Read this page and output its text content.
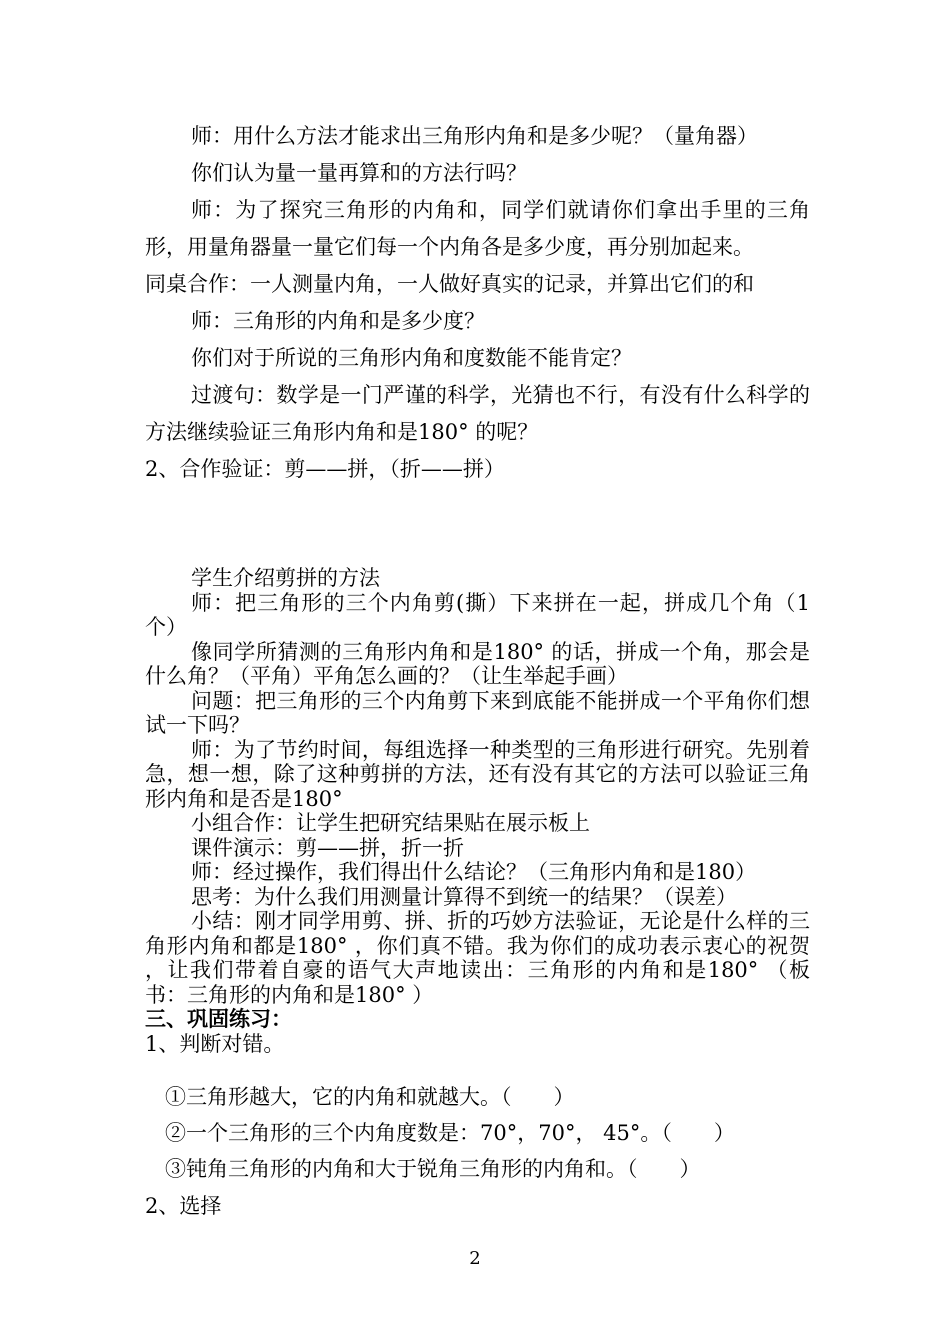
师：用什么方法才能求出三角形内角和是多少呢？（量角器）

你们认为量一量再算和的方法行吗？

师：为了探究三角形的内角和，同学们就请你们拿出手里的三角形，用量角器量一量它们每一个内角各是多少度，再分别加起来。

同桌合作：一人测量内角，一人做好真实的记录，并算出它们的和

师：三角形的内角和是多少度？

你们对于所说的三角形内角和度数能不能肯定？

过渡句：数学是一门严谨的科学，光猜也不行，有没有什么科学的方法继续验证三角形内角和是180° 的呢？

2、合作验证：剪——拼，（折——拼）

学生介绍剪拼的方法

师：把三角形的三个内角剪(撕）下来拼在一起，拼成几个角（1个）

像同学所猜测的三角形内角和是180° 的话，拼成一个角，那会是什么角？（平角）平角怎么画的？（让生举起手画）

问题：把三角形的三个内角剪下来到底能不能拼成一个平角你们想试一下吗？

师：为了节约时间，每组选择一种类型的三角形进行研究。先别着急，想一想，除了这种剪拼的方法，还有没有其它的方法可以验证三角形内角和是否是180°

小组合作：让学生把研究结果贴在展示板上

课件演示：剪——拼，折一折

师：经过操作，我们得出什么结论？（三角形内角和是180）

思考：为什么我们用测量计算得不到统一的结果？（误差）

小结：刚才同学用剪、拼、折的巧妙方法验证，无论是什么样的三角形内角和都是180° ，你们真不错。我为你们的成功表示衷心的祝贺 ，让我们带着自豪的语气大声地读出：三角形的内角和是180° （板书：三角形的内角和是180° ）

三、巩固练习：

1、判断对错。

①三角形越大，它的内角和就越大。（　　）
②一个三角形的三个内角度数是：70°，70°， 45°。（　　）
③钝角三角形的内角和大于锐角三角形的内角和。（　　）
2、选择
2
